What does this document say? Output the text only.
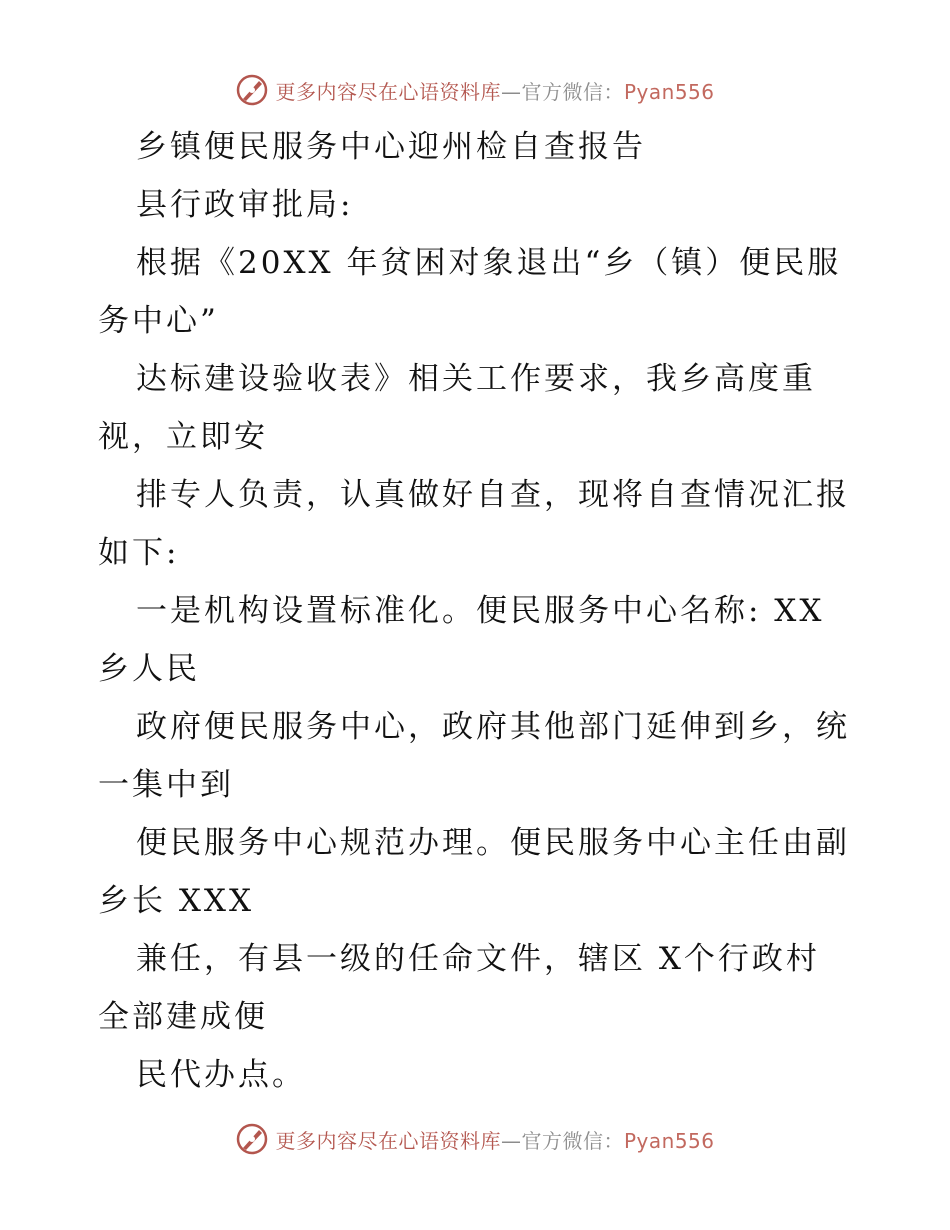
更多内容尽在心语资料库—官方微信：Pyan556
乡镇便民服务中心迎州检自查报告
县行政审批局:
根据《20XX 年贫困对象退出“乡（镇）便民服
务中心”
达标建设验收表》相关工作要求，我乡高度重
视，立即安
排专人负责，认真做好自查，现将自查情况汇报
如下:
一是机构设置标准化。便民服务中心名称: XX
乡人民
政府便民服务中心，政府其他部门延伸到乡，统
一集中到
便民服务中心规范办理。便民服务中心主任由副
乡长 XXX
兼任，有县一级的任命文件，辖区 X个行政村
全部建成便
民代办点。
更多内容尽在心语资料库—官方微信：Pyan556
